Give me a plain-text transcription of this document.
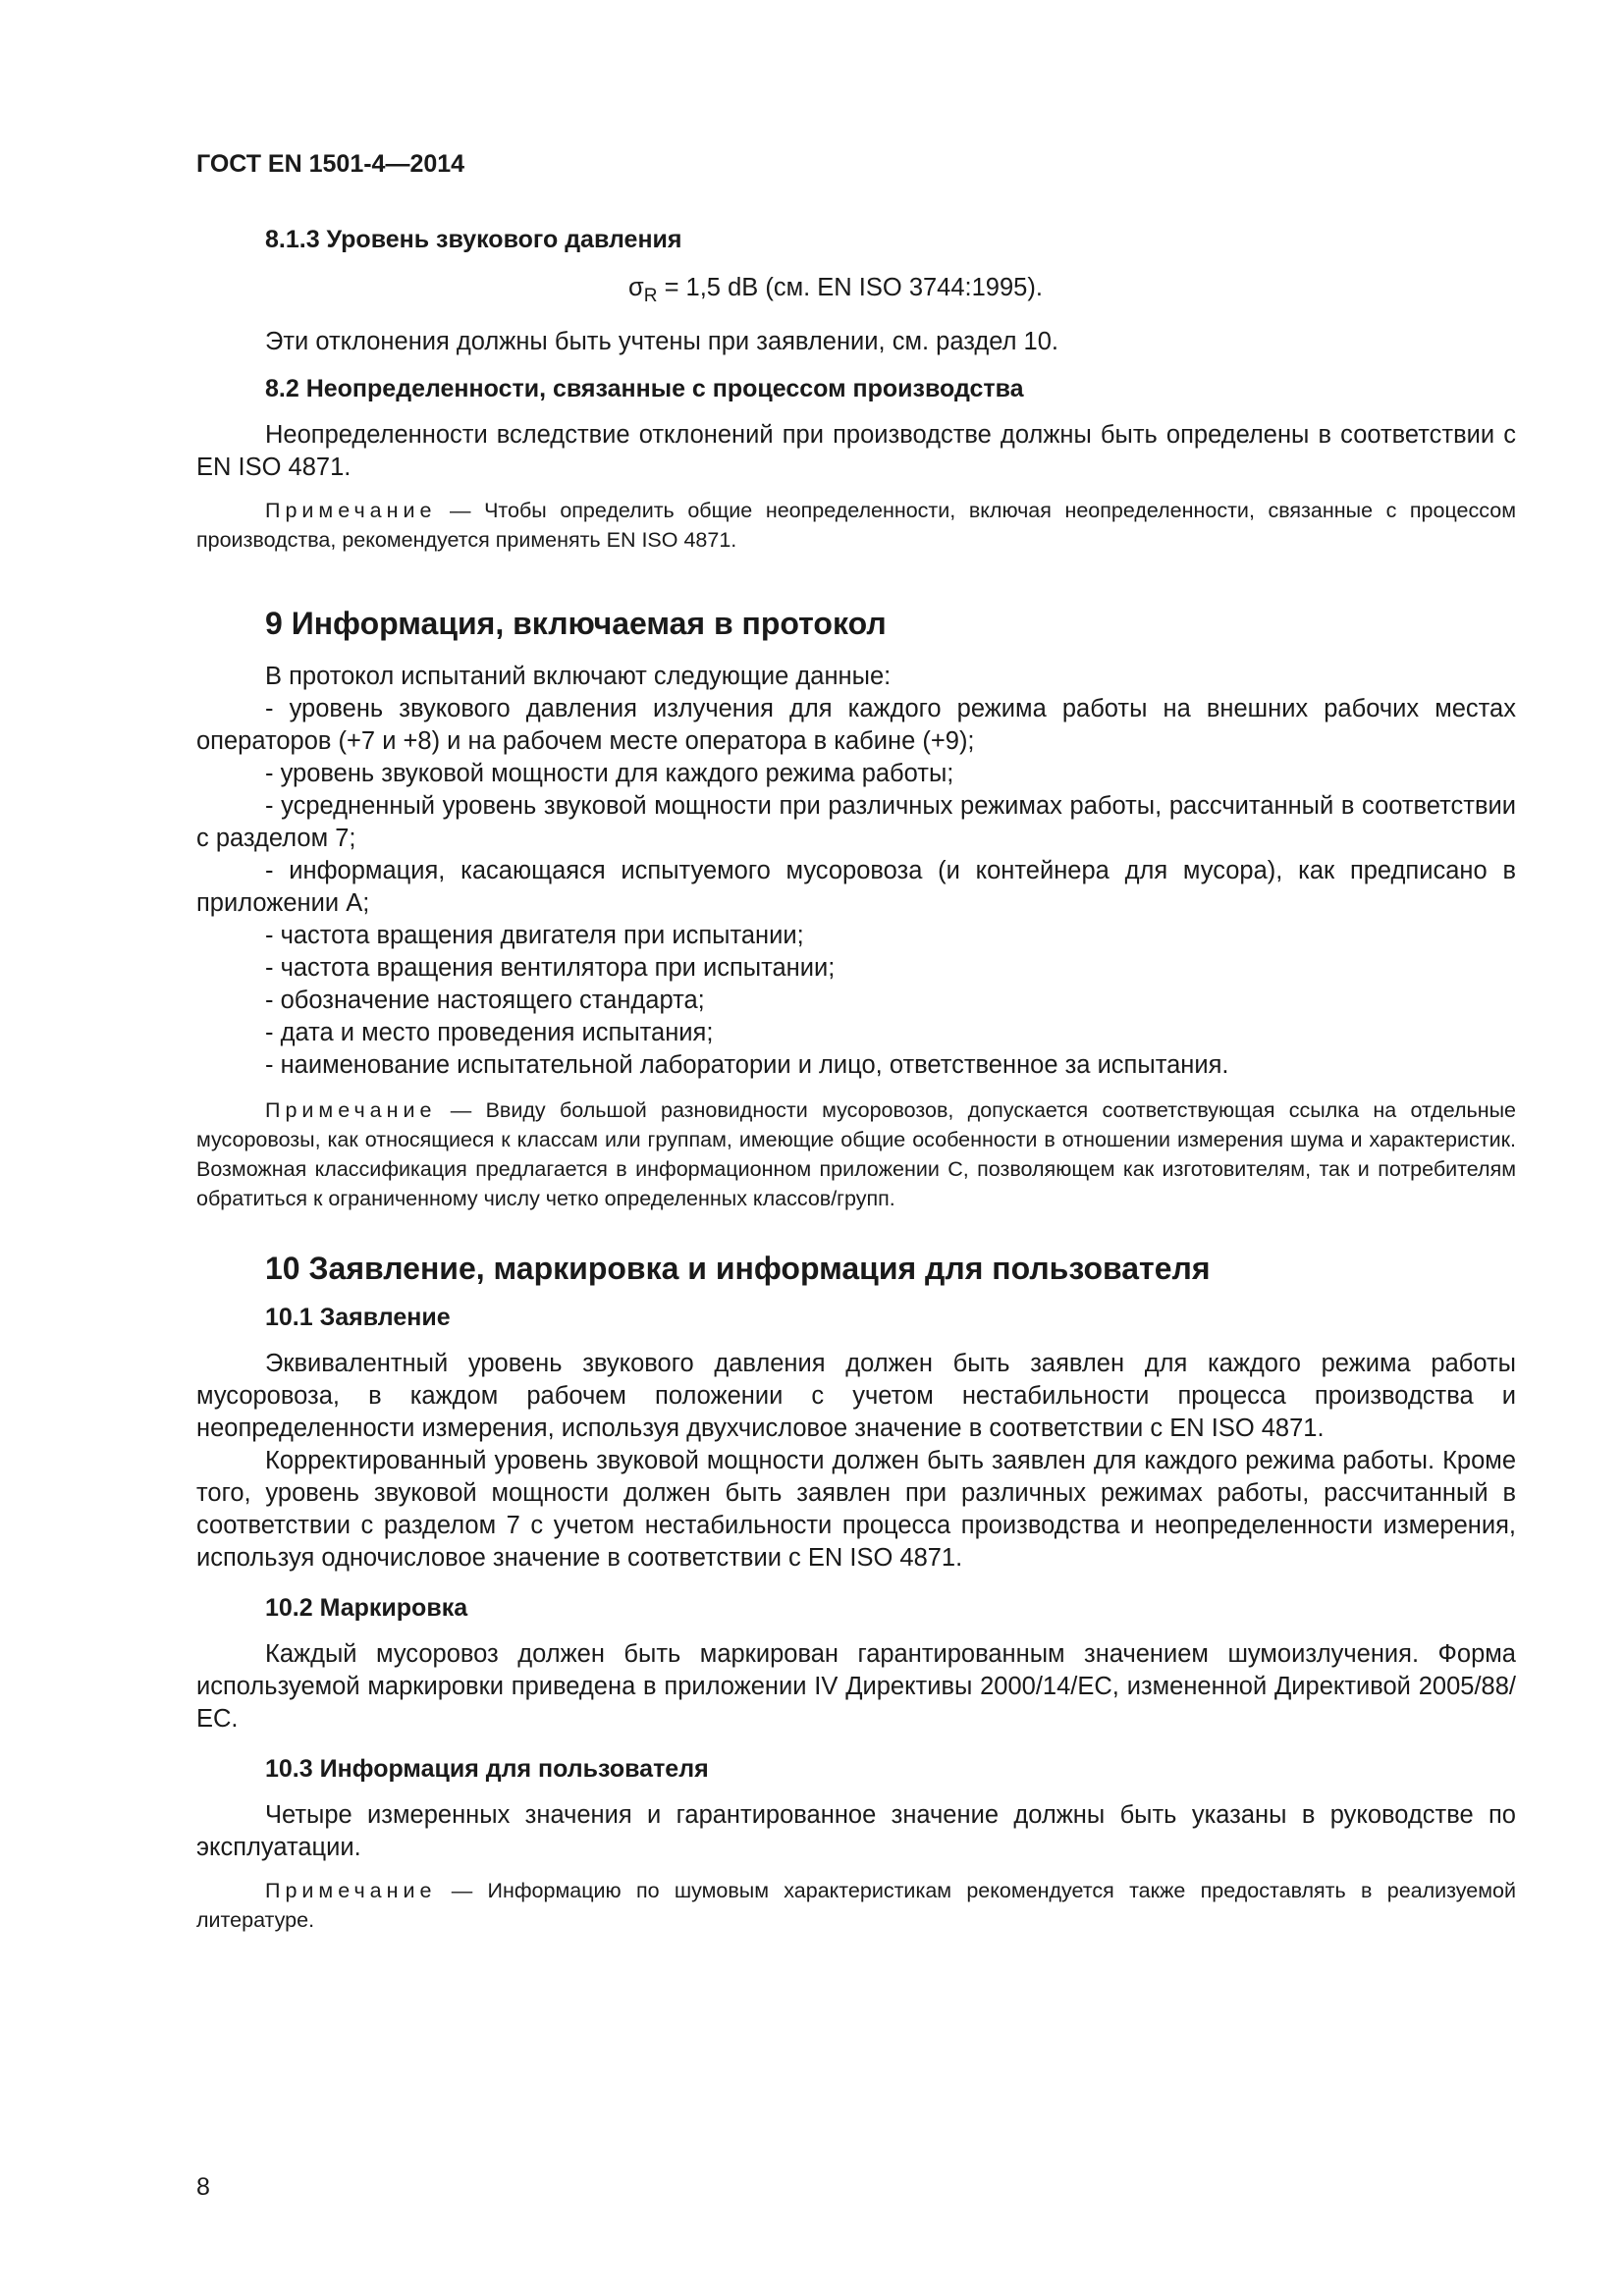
ГОСТ EN 1501-4—2014
8.1.3 Уровень звукового давления

$\sigma_R = 1,5$ dB (см. EN ISO 3744:1995).

Эти отклонения должны быть учтены при заявлении, см. раздел 10.

8.2 Неопределенности, связанные с процессом производства

Неопределенности вследствие отклонений при производстве должны быть определены в соответствии с EN ISO 4871.

Примечание — Чтобы определить общие неопределенности, включая неопределенности, связанные с процессом производства, рекомендуется применять EN ISO 4871.

9 Информация, включаемая в протокол

В протокол испытаний включают следующие данные:

- уровень звукового давления излучения для каждого режима работы на внешних рабочих местах операторов (+7 и +8) и на рабочем месте оператора в кабине (+9);
- уровень звуковой мощности для каждого режима работы;
- усредненный уровень звуковой мощности при различных режимах работы, рассчитанный в соответствии с разделом 7;
- информация, касающаяся испытуемого мусоровоза (и контейнера для мусора), как предписано в приложении А;
- частота вращения двигателя при испытании;
- частота вращения вентилятора при испытании;
- обозначение настоящего стандарта;
- дата и место проведения испытания;
- наименование испытательной лаборатории и лицо, ответственное за испытания.

Примечание — Ввиду большой разновидности мусоровозов, допускается соответствующая ссылка на отдельные мусоровозы, как относящиеся к классам или группам, имеющие общие особенности в отношении измерения шума и характеристик. Возможная классификация предлагается в информационном приложении С, позволяющем как изготовителям, так и потребителям обратиться к ограниченному числу четко определенных классов/групп.

10 Заявление, маркировка и информация для пользователя
10.1 Заявление

Эквивалентный уровень звукового давления должен быть заявлен для каждого режима работы мусоровоза, в каждом рабочем положении с учетом нестабильности процесса производства и неопределенности измерения, используя двухчисловое значение в соответствии с EN ISO 4871.

Корректированный уровень звуковой мощности должен быть заявлен для каждого режима работы. Кроме того, уровень звуковой мощности должен быть заявлен при различных режимах работы, рассчитанный в соответствии с разделом 7 с учетом нестабильности процесса производства и неопределенности измерения, используя одночисловое значение в соответствии с EN ISO 4871.

10.2 Маркировка

Каждый мусоровоз должен быть маркирован гарантированным значением шумоизлучения. Форма используемой маркировки приведена в приложении IV Директивы 2000/14/ЕС, измененной Директивой 2005/88/ЕС.

10.3 Информация для пользователя

Четыре измеренных значения и гарантированное значение должны быть указаны в руководстве по эксплуатации.

Примечание — Информацию по шумовым характеристикам рекомендуется также предоставлять в реализуемой литературе.

8
